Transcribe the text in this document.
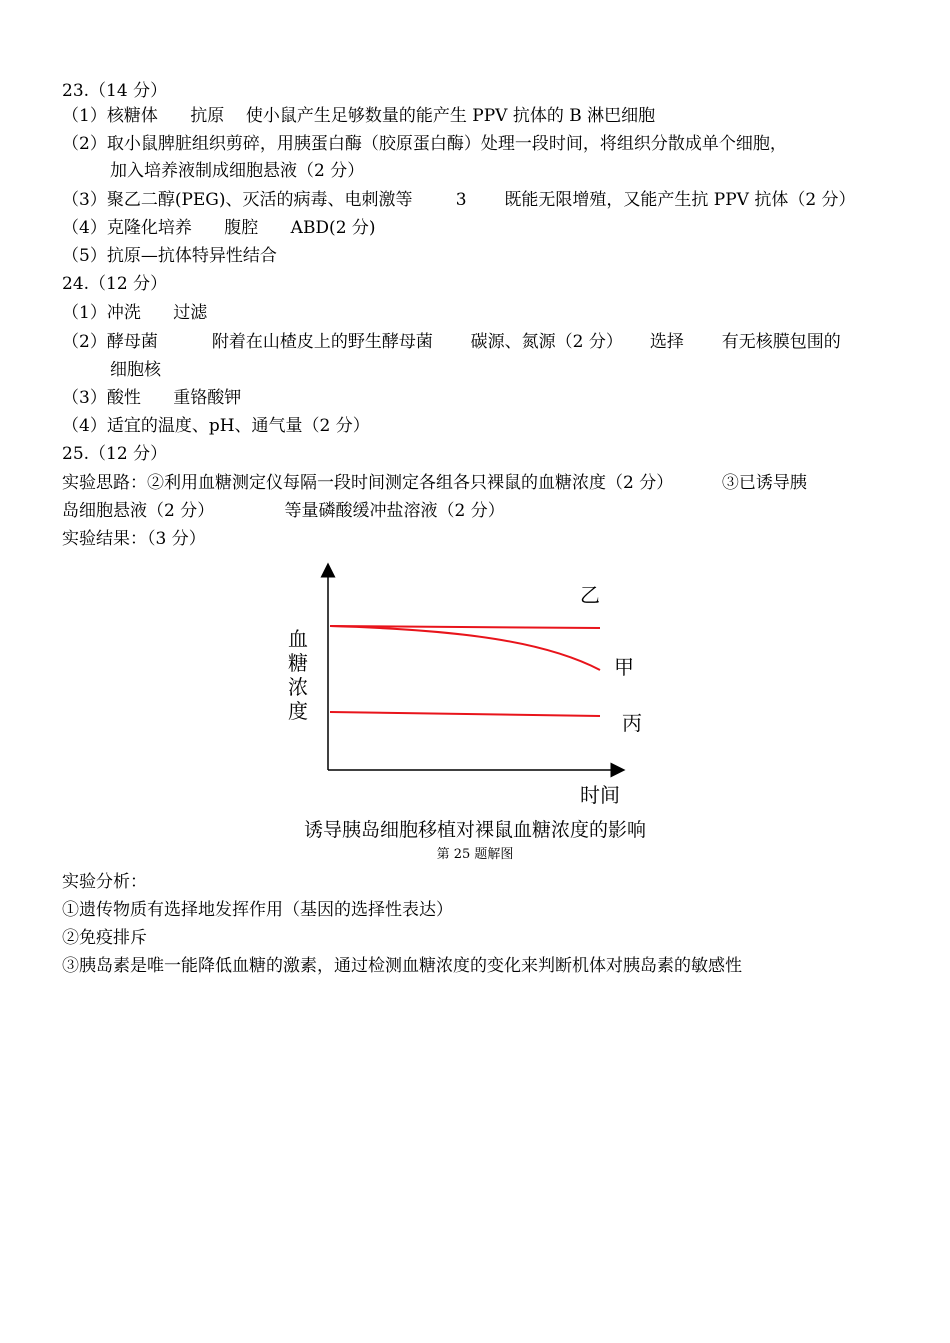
23.（14 分）
（1）核糖体      抗原    使小鼠产生足够数量的能产生 PPV 抗体的 B 淋巴细胞
（2）取小鼠脾脏组织剪碎，用胰蛋白酶（胶原蛋白酶）处理一段时间，将组织分散成单个细胞，
加入培养液制成细胞悬液（2 分）
（3）聚乙二醇(PEG)、灭活的病毒、电刺激等        3       既能无限增殖，又能产生抗 PPV 抗体（2 分）
（4）克隆化培养      腹腔      ABD(2 分)
（5）抗原—抗体特异性结合
24.（12 分）
（1）冲洗      过滤
（2）酵母菌          附着在山楂皮上的野生酵母菌       碳源、氮源（2 分）     选择       有无核膜包围的
细胞核
（3）酸性      重铬酸钾
（4）适宜的温度、pH、通气量（2 分）
25.（12 分）
实验思路：②利用血糖测定仪每隔一段时间测定各组各只裸鼠的血糖浓度（2 分）         ③已诱导胰
岛细胞悬液（2 分）             等量磷酸缓冲盐溶液（2 分）
实验结果：（3 分）
乙
甲
丙
血
糖
浓
度
时间
诱导胰岛细胞移植对裸鼠血糖浓度的影响
第 25 题解图
实验分析：
①遗传物质有选择地发挥作用（基因的选择性表达）
②免疫排斥
③胰岛素是唯一能降低血糖的激素，通过检测血糖浓度的变化来判断机体对胰岛素的敏感性
